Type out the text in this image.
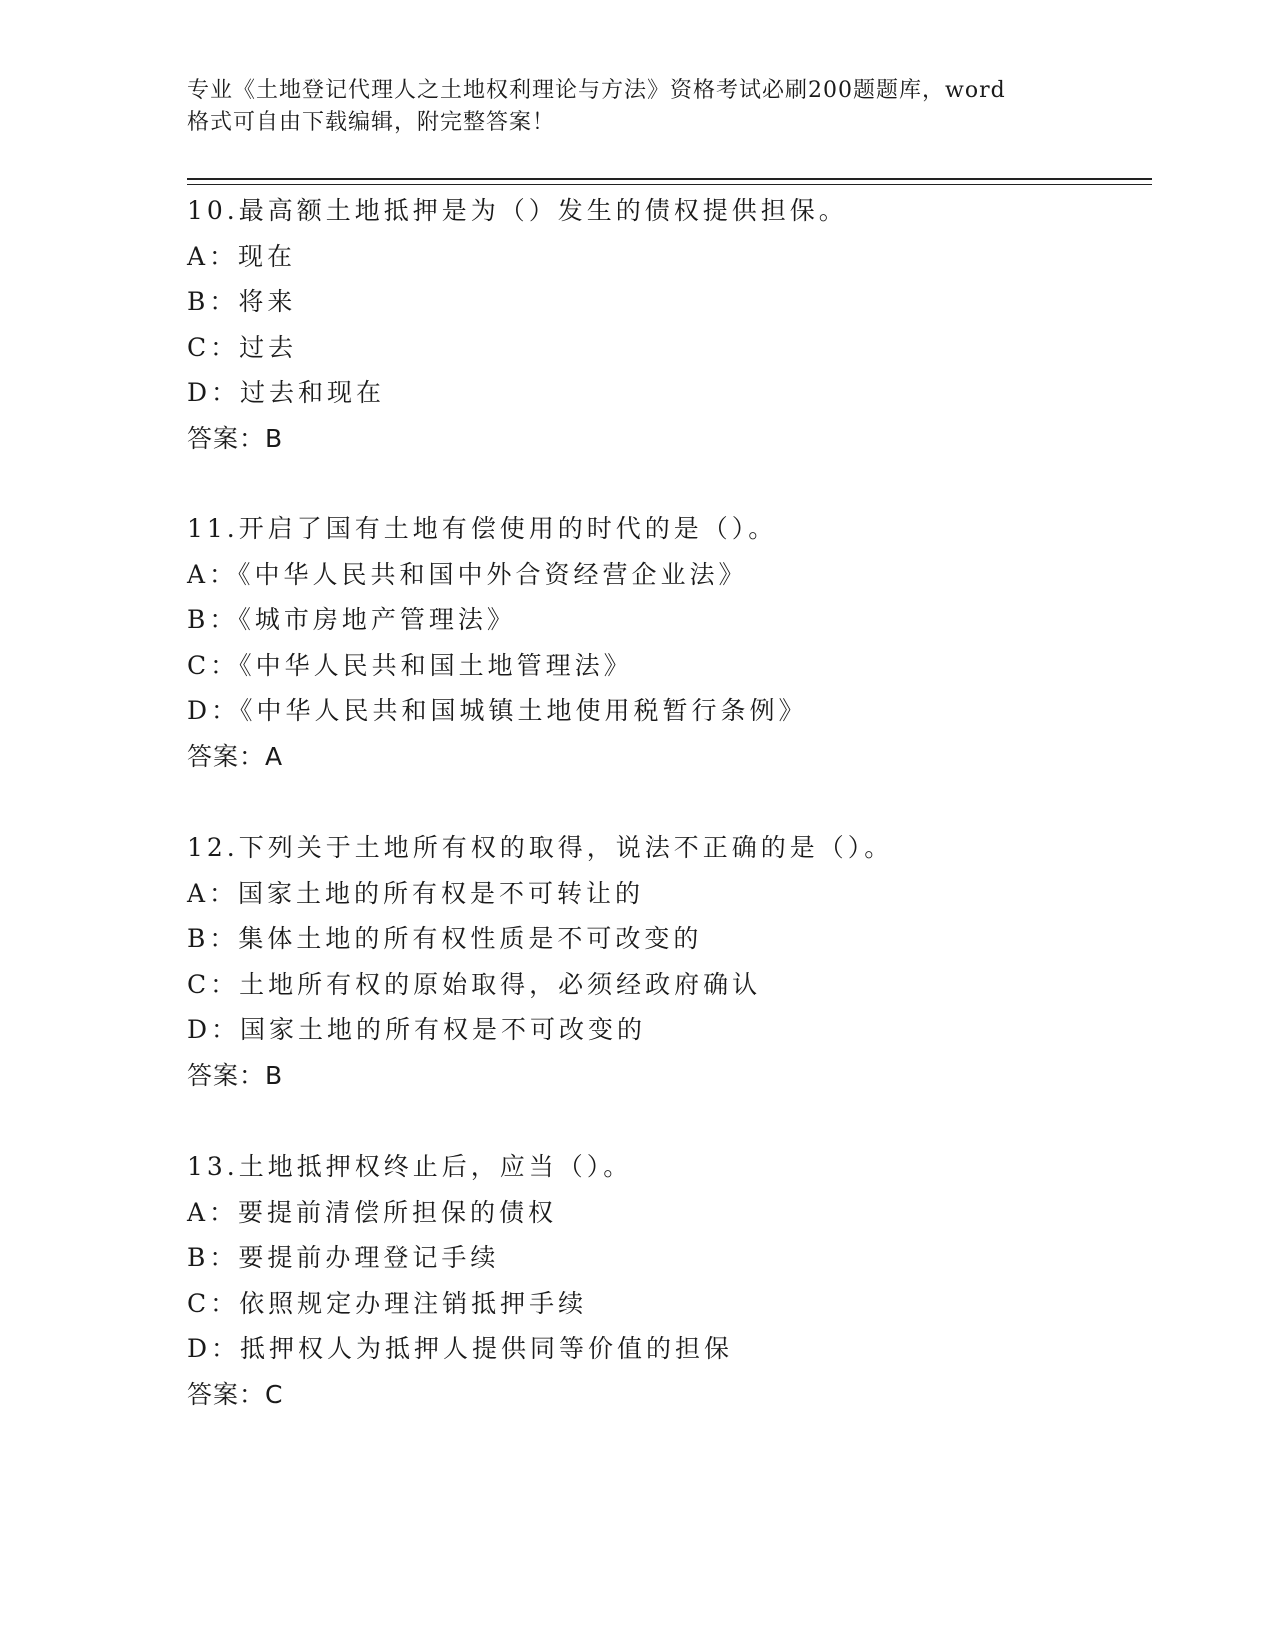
专业《土地登记代理人之土地权利理论与方法》资格考试必刷200题题库，word
格式可自由下载编辑，附完整答案！
10.最高额土地抵押是为（）发生的债权提供担保。
A：现在
B：将来
C：过去
D：过去和现在
答案：B
11.开启了国有土地有偿使用的时代的是（）。
A：《中华人民共和国中外合资经营企业法》
B：《城市房地产管理法》
C：《中华人民共和国土地管理法》
D：《中华人民共和国城镇土地使用税暂行条例》
答案：A
12.下列关于土地所有权的取得，说法不正确的是（）。
A：国家土地的所有权是不可转让的
B：集体土地的所有权性质是不可改变的
C：土地所有权的原始取得，必须经政府确认
D：国家土地的所有权是不可改变的
答案：B
13.土地抵押权终止后，应当（）。
A：要提前清偿所担保的债权
B：要提前办理登记手续
C：依照规定办理注销抵押手续
D：抵押权人为抵押人提供同等价值的担保
答案：C
